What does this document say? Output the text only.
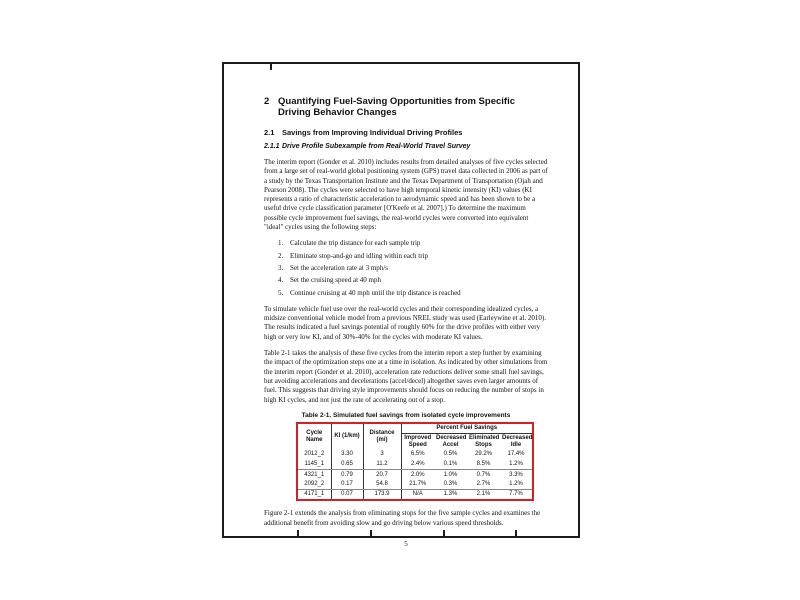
2 Quantifying Fuel-Saving Opportunities from Specific Driving Behavior Changes
2.1	Savings from Improving Individual Driving Profiles
2.1.1 Drive Profile Subexample from Real-World Travel Survey

The interim report (Gonder et al. 2010) includes results from detailed analyses of five cycles selected from a large set of real-world global positioning system (GPS) travel data collected in 2006 as part of a study by the Texas Transportation Institute and the Texas Department of Transportation (Ojah and Pearson 2008). The cycles were selected to have high temporal kinetic intensity (KI) values (KI represents a ratio of characteristic acceleration to aerodynamic speed and has been shown to be a useful drive cycle classification parameter [O'Keefe et al. 2007].) To determine the maximum possible cycle improvement fuel savings, the real-world cycles were converted into equivalent "ideal" cycles using the following steps:

1. Calculate the trip distance for each sample trip
2. Eliminate stop-and-go and idling within each trip
3. Set the acceleration rate at 3 mph/s
4. Set the cruising speed at 40 mph
5. Continue cruising at 40 mph until the trip distance is reached

To simulate vehicle fuel use over the real-world cycles and their corresponding idealized cycles, a midsize conventional vehicle model from a previous NREL study was used (Earleywine et al. 2010). The results indicated a fuel savings potential of roughly 60% for the drive profiles with either very high or very low KI, and of 30%-40% for the cycles with moderate KI values.

Table 2-1 takes the analysis of these five cycles from the interim report a step further by examining the impact of the optimization steps one at a time in isolation. As indicated by other simulations from the interim report (Gonder et al. 2010), acceleration rate reductions deliver some small fuel savings, but avoiding accelerations and decelerations (accel/decel) altogether saves even larger amounts of fuel. This suggests that driving style improvements should focus on reducing the number of stops in high KI cycles, and not just the rate of accelerating out of a stop.

Table 2-1. Simulated fuel savings from isolated cycle improvements
Cycle Name	KI (1/km)	Distance (mi)	Percent Fuel Savings			
			Improved Speed	Decreased Accel	Eliminated Stops	Decreased Idle
2012_2	3.30	3	6.5%	0.5%	29.2%	17.4%
1145_1	0.65	11.2	2.4%	0.1%	8.5%	1.2%
4321_1	0.79	20.7	2.0%	1.0%	0.7%	3.3%
2092_2	0.17	54.8	21.7%	0.3%	2.7%	1.2%
4171_1	0.07	173.9	N/A	1.3%	2.1%	7.7%

Figure 2-1 extends the analysis from eliminating stops for the five sample cycles and examines the additional benefit from avoiding slow and go driving below various speed thresholds.

5
